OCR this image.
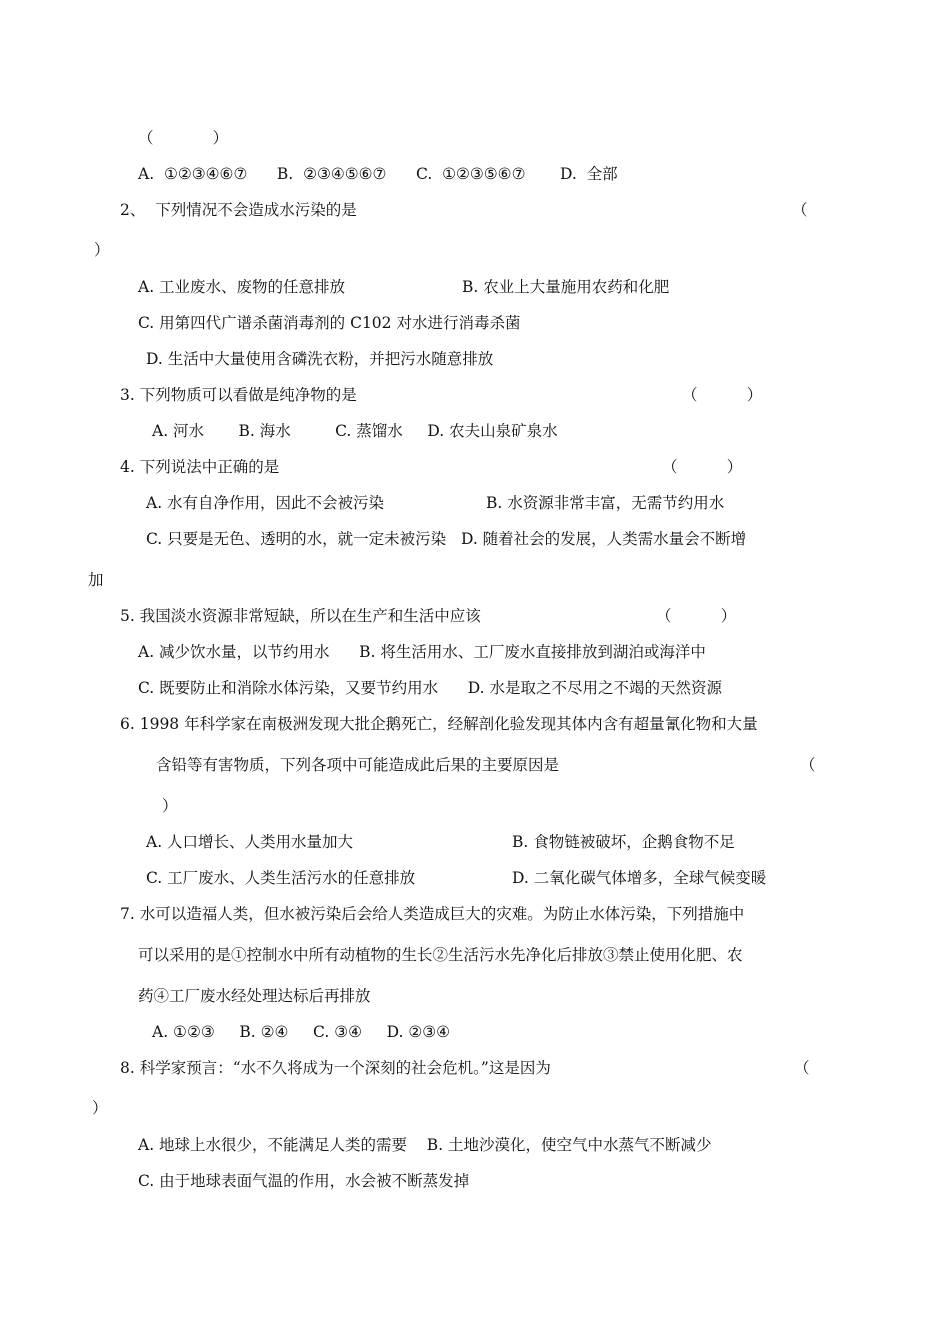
（            ）
A.  ①②③④⑥⑦      B.  ②③④⑤⑥⑦      C.  ①②③⑤⑥⑦       D.  全部
2、  下列情况不会造成水污染的是	（
）
A. 工业废水、废物的任意排放	B. 农业上大量施用农药和化肥
C. 用第四代广谱杀菌消毒剂的 C102 对水进行消毒杀菌
D. 生活中大量使用含磷洗衣粉，并把污水随意排放
3. 下列物质可以看做是纯净物的是	（          ）
A. 河水       B. 海水         C. 蒸馏水     D. 农夫山泉矿泉水
4. 下列说法中正确的是	（          ）
A. 水有自净作用，因此不会被污染	B. 水资源非常丰富，无需节约用水
C. 只要是无色、透明的水，就一定未被污染   D. 随着社会的发展，人类需水量会不断增
加
5. 我国淡水资源非常短缺，所以在生产和生活中应该	（          ）
A. 减少饮水量，以节约用水      B. 将生活用水、工厂废水直接排放到湖泊或海洋中
C. 既要防止和消除水体污染，又要节约用水      D. 水是取之不尽用之不竭的天然资源
6. 1998 年科学家在南极洲发现大批企鹅死亡，经解剖化验发现其体内含有超量氰化物和大量
含铅等有害物质，下列各项中可能造成此后果的主要原因是	（
）
A. 人口增长、人类用水量加大	B. 食物链被破坏，企鹅食物不足
C. 工厂废水、人类生活污水的任意排放	D. 二氧化碳气体增多，全球气候变暖
7. 水可以造福人类，但水被污染后会给人类造成巨大的灾难。为防止水体污染，下列措施中
可以采用的是①控制水中所有动植物的生长②生活污水先净化后排放③禁止使用化肥、农
药④工厂废水经处理达标后再排放
A. ①②③     B. ②④     C. ③④     D. ②③④
8. 科学家预言：“水不久将成为一个深刻的社会危机。”这是因为	（
）
A. 地球上水很少，不能满足人类的需要    B. 土地沙漠化，使空气中水蒸气不断减少
C. 由于地球表面气温的作用，水会被不断蒸发掉
